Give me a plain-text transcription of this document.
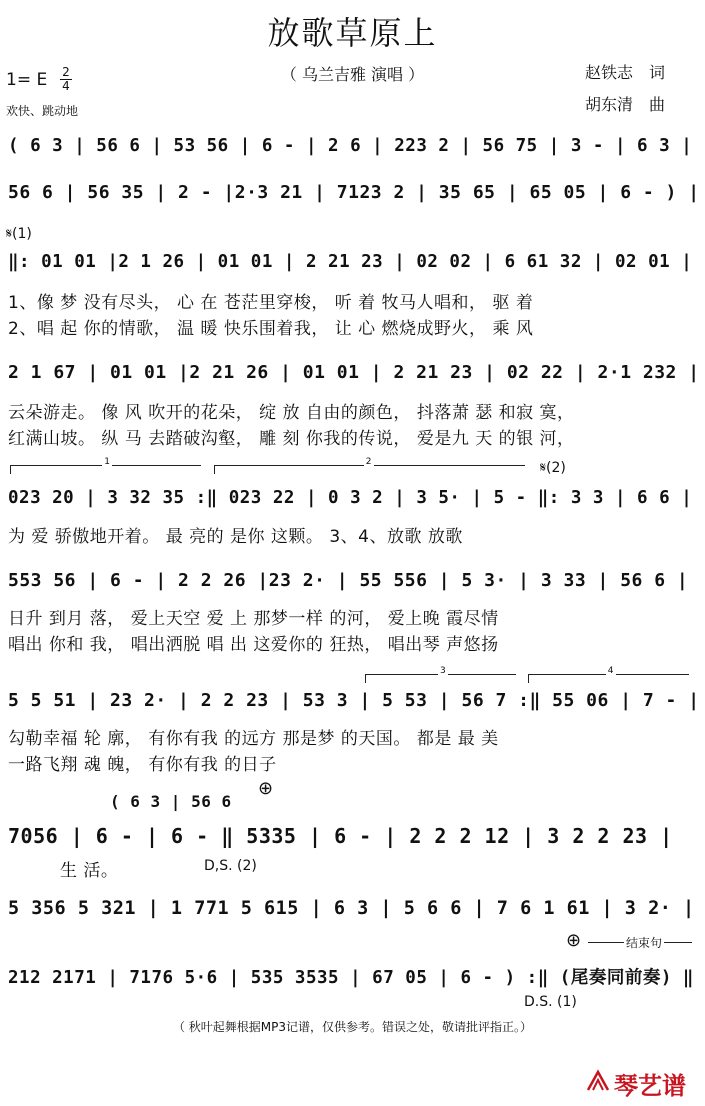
放歌草原上
（ 乌兰吉雅 演唱 ）	赵铁志　词
胡东清　曲
1= E 2
4
欢快、跳动地
( 6 3 | 56 6 | 53 56 | 6 - | 2 6 | 223 2 | 56 75 | 3 - | 6 3 |
56 6 | 56 35 | 2 - |2·3 21 | 7123 2 | 35 65 | 65 05 | 6 - ) |
𝄋(1)
‖: 01 01 |2 1 26 | 01 01 | 2 21 23 | 02 02 | 6 61 32 | 02 01 |
1、像 梦 没有尽头， 心 在 苍茫里穿梭， 听 着 牧马人唱和， 驱 着
2、唱 起 你的情歌， 温 暖 快乐围着我， 让 心 燃烧成野火， 乘 风
2 1 67 | 01 01 |2 21 26 | 01 01 | 2 21 23 | 02 22 | 2·1 232 |
云朵游走。 像 风 吹开的花朵， 绽 放 自由的颜色， 抖落萧 瑟 和寂 寞，
红满山坡。 纵 马 去踏破沟壑， 雕 刻 你我的传说， 爱是九 天 的银 河，
1	2	𝄋(2)
023 20 | 3 32 35 :‖ 023 22 | 0 3 2 | 3 5· | 5 - ‖: 3 3 | 6 6 |
为 爱 骄傲地开着。 最 亮的 是你 这颗。 3、4、放歌 放歌
553 56 | 6 - | 2 2 26 |23 2· | 55 556 | 5 3· | 3 33 | 56 6 |
日升 到月 落， 爱上天空 爱 上 那梦一样 的河， 爱上晚 霞尽情
唱出 你和 我， 唱出洒脱 唱 出 这爱你的 狂热， 唱出琴 声悠扬
3	4
5 5 51 | 23 2· | 2 2 23 | 53 3 | 5 53 | 56 7 :‖ 55 06 | 7 - |
勾勒幸福 轮 廓， 有你有我 的远方 那是梦 的天国。 都是 最 美
一路飞翔 魂 魄， 有你有我 的日子
( 6 3 | 56 6
⊕
7056 | 6 - | 6 - ‖ 5335 | 6 - | 2 2 2 12 | 3 2 2 23 |
生 活。	D,S. (2)
5 356 5 321 | 1 771 5 615 | 6 3 | 5 6 6 | 7 6 1 61 | 3 2· |
⊕	结束句
212 2171 | 7176 5·6 | 535 3535 | 67 05 | 6 - ) :‖ (尾奏同前奏) ‖
D.S. (1)
（ 秋叶起舞根据MP3记谱，仅供参考。错误之处，敬请批评指正。）
琴艺谱
